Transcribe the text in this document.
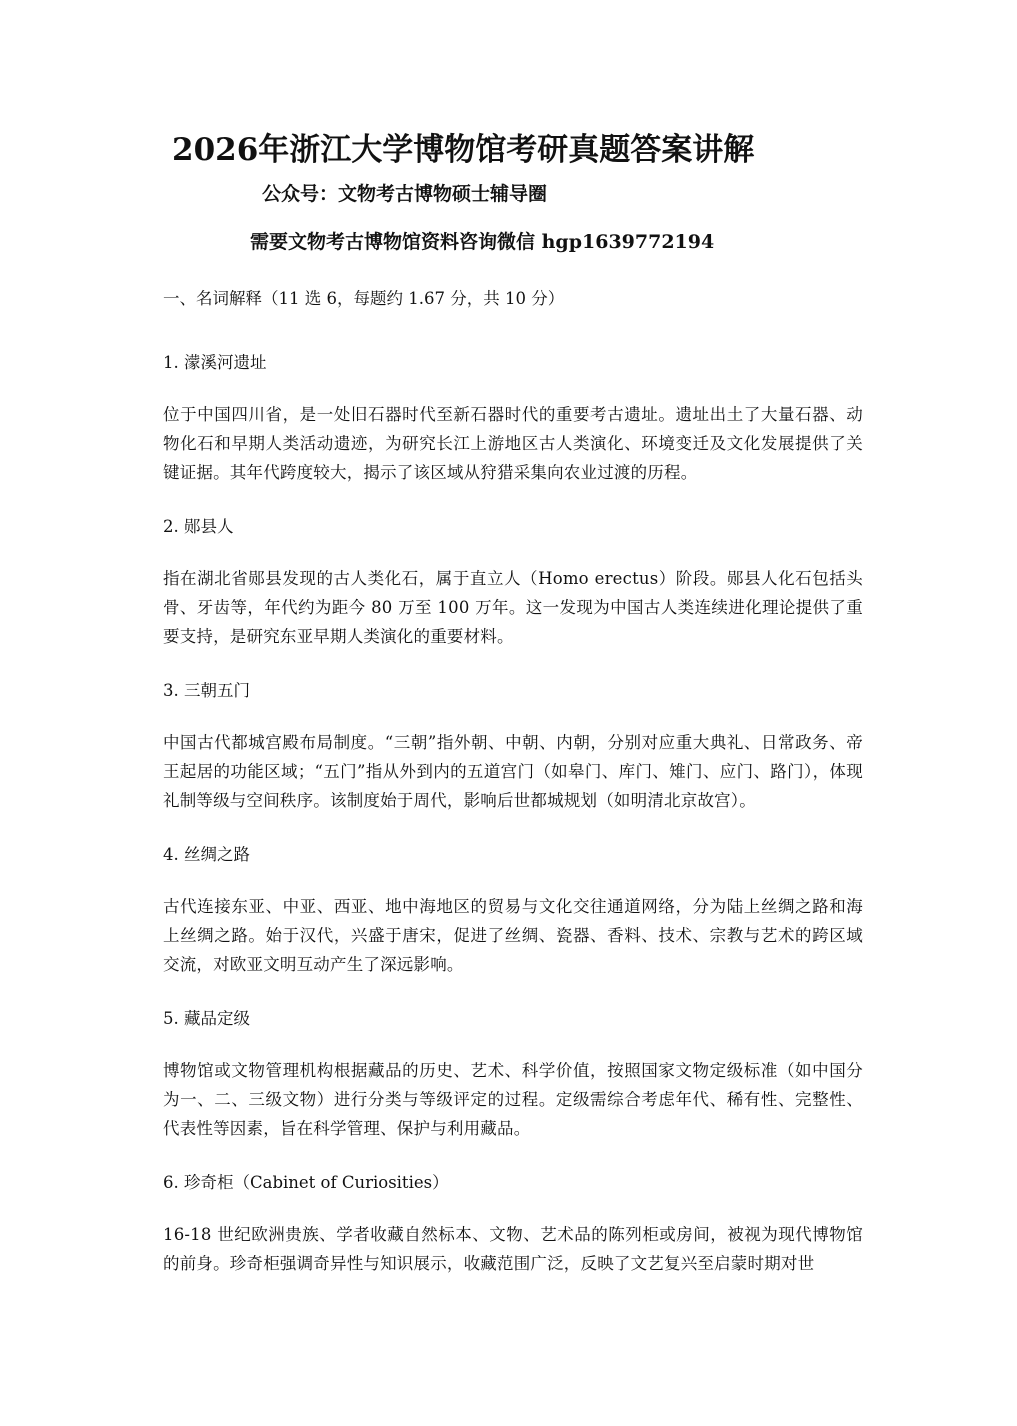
2026年浙江大学博物馆考研真题答案讲解

公众号：文物考古博物硕士辅导圈

需要文物考古博物馆资料咨询微信 hgp1639772194

一、名词解释（11 选 6，每题约 1.67 分，共 10 分）

1. 濛溪河遗址

位于中国四川省，是一处旧石器时代至新石器时代的重要考古遗址。遗址出土了大量石器、动物化石和早期人类活动遗迹，为研究长江上游地区古人类演化、环境变迁及文化发展提供了关键证据。其年代跨度较大，揭示了该区域从狩猎采集向农业过渡的历程。

2. 郧县人

指在湖北省郧县发现的古人类化石，属于直立人（Homo erectus）阶段。郧县人化石包括头骨、牙齿等，年代约为距今 80 万至 100 万年。这一发现为中国古人类连续进化理论提供了重要支持，是研究东亚早期人类演化的重要材料。

3. 三朝五门

中国古代都城宫殿布局制度。“三朝”指外朝、中朝、内朝，分别对应重大典礼、日常政务、帝王起居的功能区域；“五门”指从外到内的五道宫门（如皋门、库门、雉门、应门、路门），体现礼制等级与空间秩序。该制度始于周代，影响后世都城规划（如明清北京故宫）。

4. 丝绸之路

古代连接东亚、中亚、西亚、地中海地区的贸易与文化交往通道网络，分为陆上丝绸之路和海上丝绸之路。始于汉代，兴盛于唐宋，促进了丝绸、瓷器、香料、技术、宗教与艺术的跨区域交流，对欧亚文明互动产生了深远影响。

5. 藏品定级

博物馆或文物管理机构根据藏品的历史、艺术、科学价值，按照国家文物定级标准（如中国分为一、二、三级文物）进行分类与等级评定的过程。定级需综合考虑年代、稀有性、完整性、代表性等因素，旨在科学管理、保护与利用藏品。

6. 珍奇柜（Cabinet of Curiosities）

16-18 世纪欧洲贵族、学者收藏自然标本、文物、艺术品的陈列柜或房间，被视为现代博物馆的前身。珍奇柜强调奇异性与知识展示，收藏范围广泛，反映了文艺复兴至启蒙时期对世
